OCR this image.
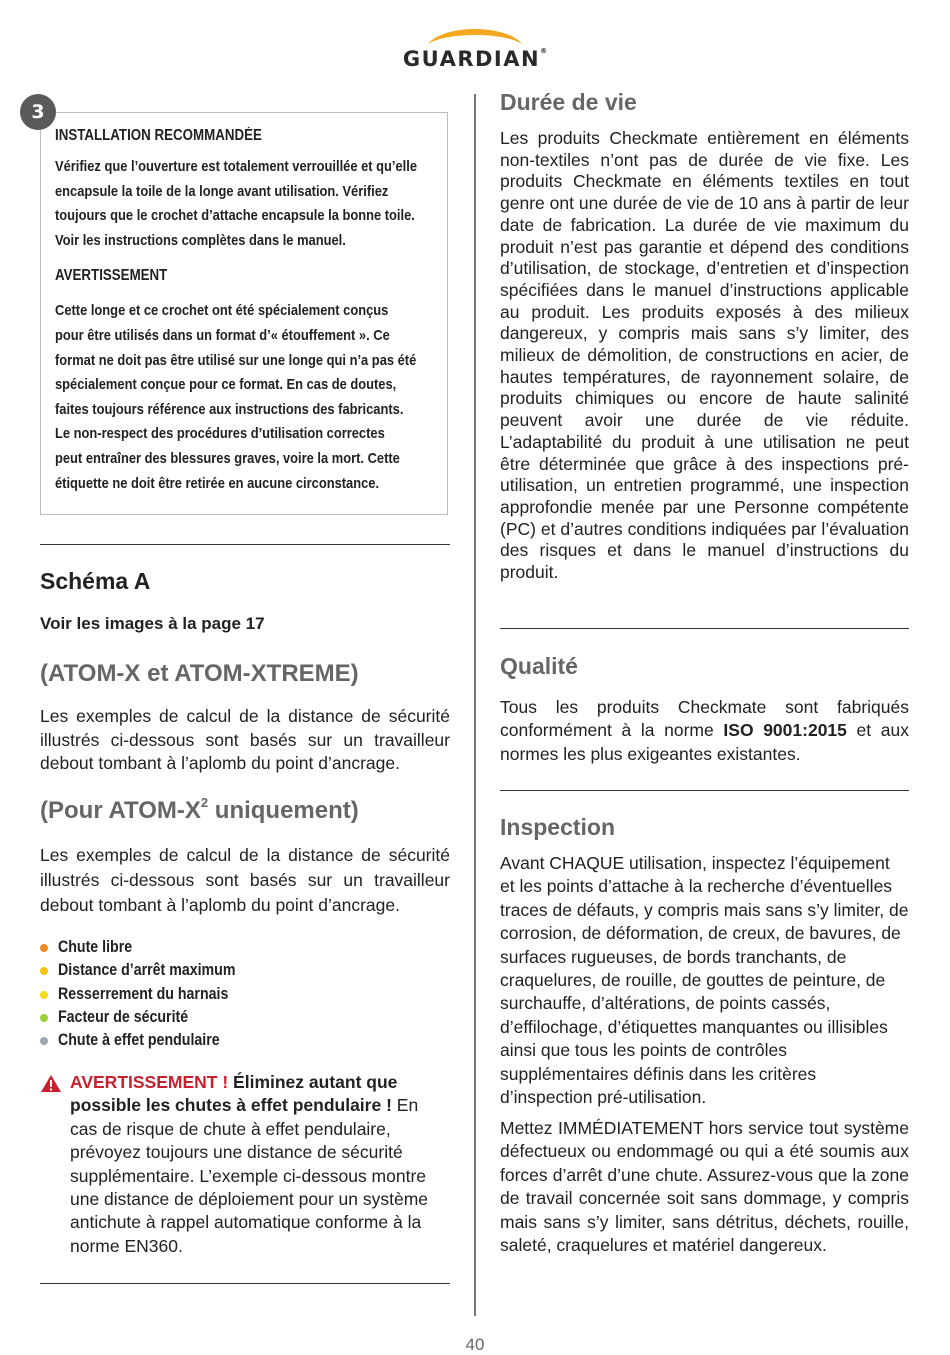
GUARDIAN®

INSTALLATION RECOMMANDÉE

Vérifiez que l’ouverture est totalement verrouillée et qu’elle
encapsule la toile de la longe avant utilisation. Vérifiez
toujours que le crochet d’attache encapsule la bonne toile.
Voir les instructions complètes dans le manuel.

AVERTISSEMENT

Cette longe et ce crochet ont été spécialement conçus
pour être utilisés dans un format d’« étouffement ». Ce
format ne doit pas être utilisé sur une longe qui n’a pas été
spécialement conçue pour ce format. En cas de doutes,
faites toujours référence aux instructions des fabricants.
Le non-respect des procédures d’utilisation correctes
peut entraîner des blessures graves, voire la mort. Cette
étiquette ne doit être retirée en aucune circonstance.

3
Schéma A

Voir les images à la page 17

(ATOM-X et ATOM-XTREME)

Les exemples de calcul de la distance de sécurité illustrés ci-dessous sont basés sur un travailleur debout tombant à l’aplomb du point d’ancrage.

(Pour ATOM-$X^2$ uniquement)

Les exemples de calcul de la distance de sécurité illustrés ci-dessous sont basés sur un travailleur debout tombant à l’aplomb du point d’ancrage.

Chute libre
Distance d’arrêt maximum
Resserrement du harnais
Facteur de sécurité
Chute à effet pendulaire

AVERTISSEMENT ! Éliminez autant que possible les chutes à effet pendulaire ! En cas de risque de chute à effet pendulaire, prévoyez toujours une distance de sécurité supplémentaire. L’exemple ci-dessous montre une distance de déploiement pour un système antichute à rappel automatique conforme à la norme EN360.

Durée de vie

Les produits Checkmate entièrement en éléments non-textiles n’ont pas de durée de vie fixe. Les produits Checkmate en éléments textiles en tout genre ont une durée de vie de 10 ans à partir de leur date de fabrication. La durée de vie maximum du produit n’est pas garantie et dépend des conditions d’utilisation, de stockage, d’entretien et d’inspection spécifiées dans le manuel d’instructions applicable au produit. Les produits exposés à des milieux dangereux, y compris mais sans s’y limiter, des milieux de démolition, de constructions en acier, de hautes températures, de rayonnement solaire, de produits chimiques ou encore de haute salinité peuvent avoir une durée de vie réduite. L’adaptabilité du produit à une utilisation ne peut être déterminée que grâce à des inspections pré-utilisation, un entretien programmé, une inspection approfondie menée par une Personne compétente (PC) et d’autres conditions indiquées par l’évaluation des risques et dans le manuel d’instructions du produit.

Qualité

Tous les produits Checkmate sont fabriqués conformément à la norme ISO 9001:2015 et aux normes les plus exigeantes existantes.

Inspection

Avant CHAQUE utilisation, inspectez l’équipement et les points d’attache à la recherche d’éventuelles traces de défauts, y compris mais sans s’y limiter, de corrosion, de déformation, de creux, de bavures, de surfaces rugueuses, de bords tranchants, de craquelures, de rouille, de gouttes de peinture, de surchauffe, d’altérations, de points cassés, d’effilochage, d’étiquettes manquantes ou illisibles ainsi que tous les points de contrôles supplémentaires définis dans les critères d’inspection pré-utilisation.

Mettez IMMÉDIATEMENT hors service tout système défectueux ou endommagé ou qui a été soumis aux forces d’arrêt d’une chute. Assurez-vous que la zone de travail concernée soit sans dommage, y compris mais sans s’y limiter, sans détritus, déchets, rouille, saleté, craquelures et matériel dangereux.

40
